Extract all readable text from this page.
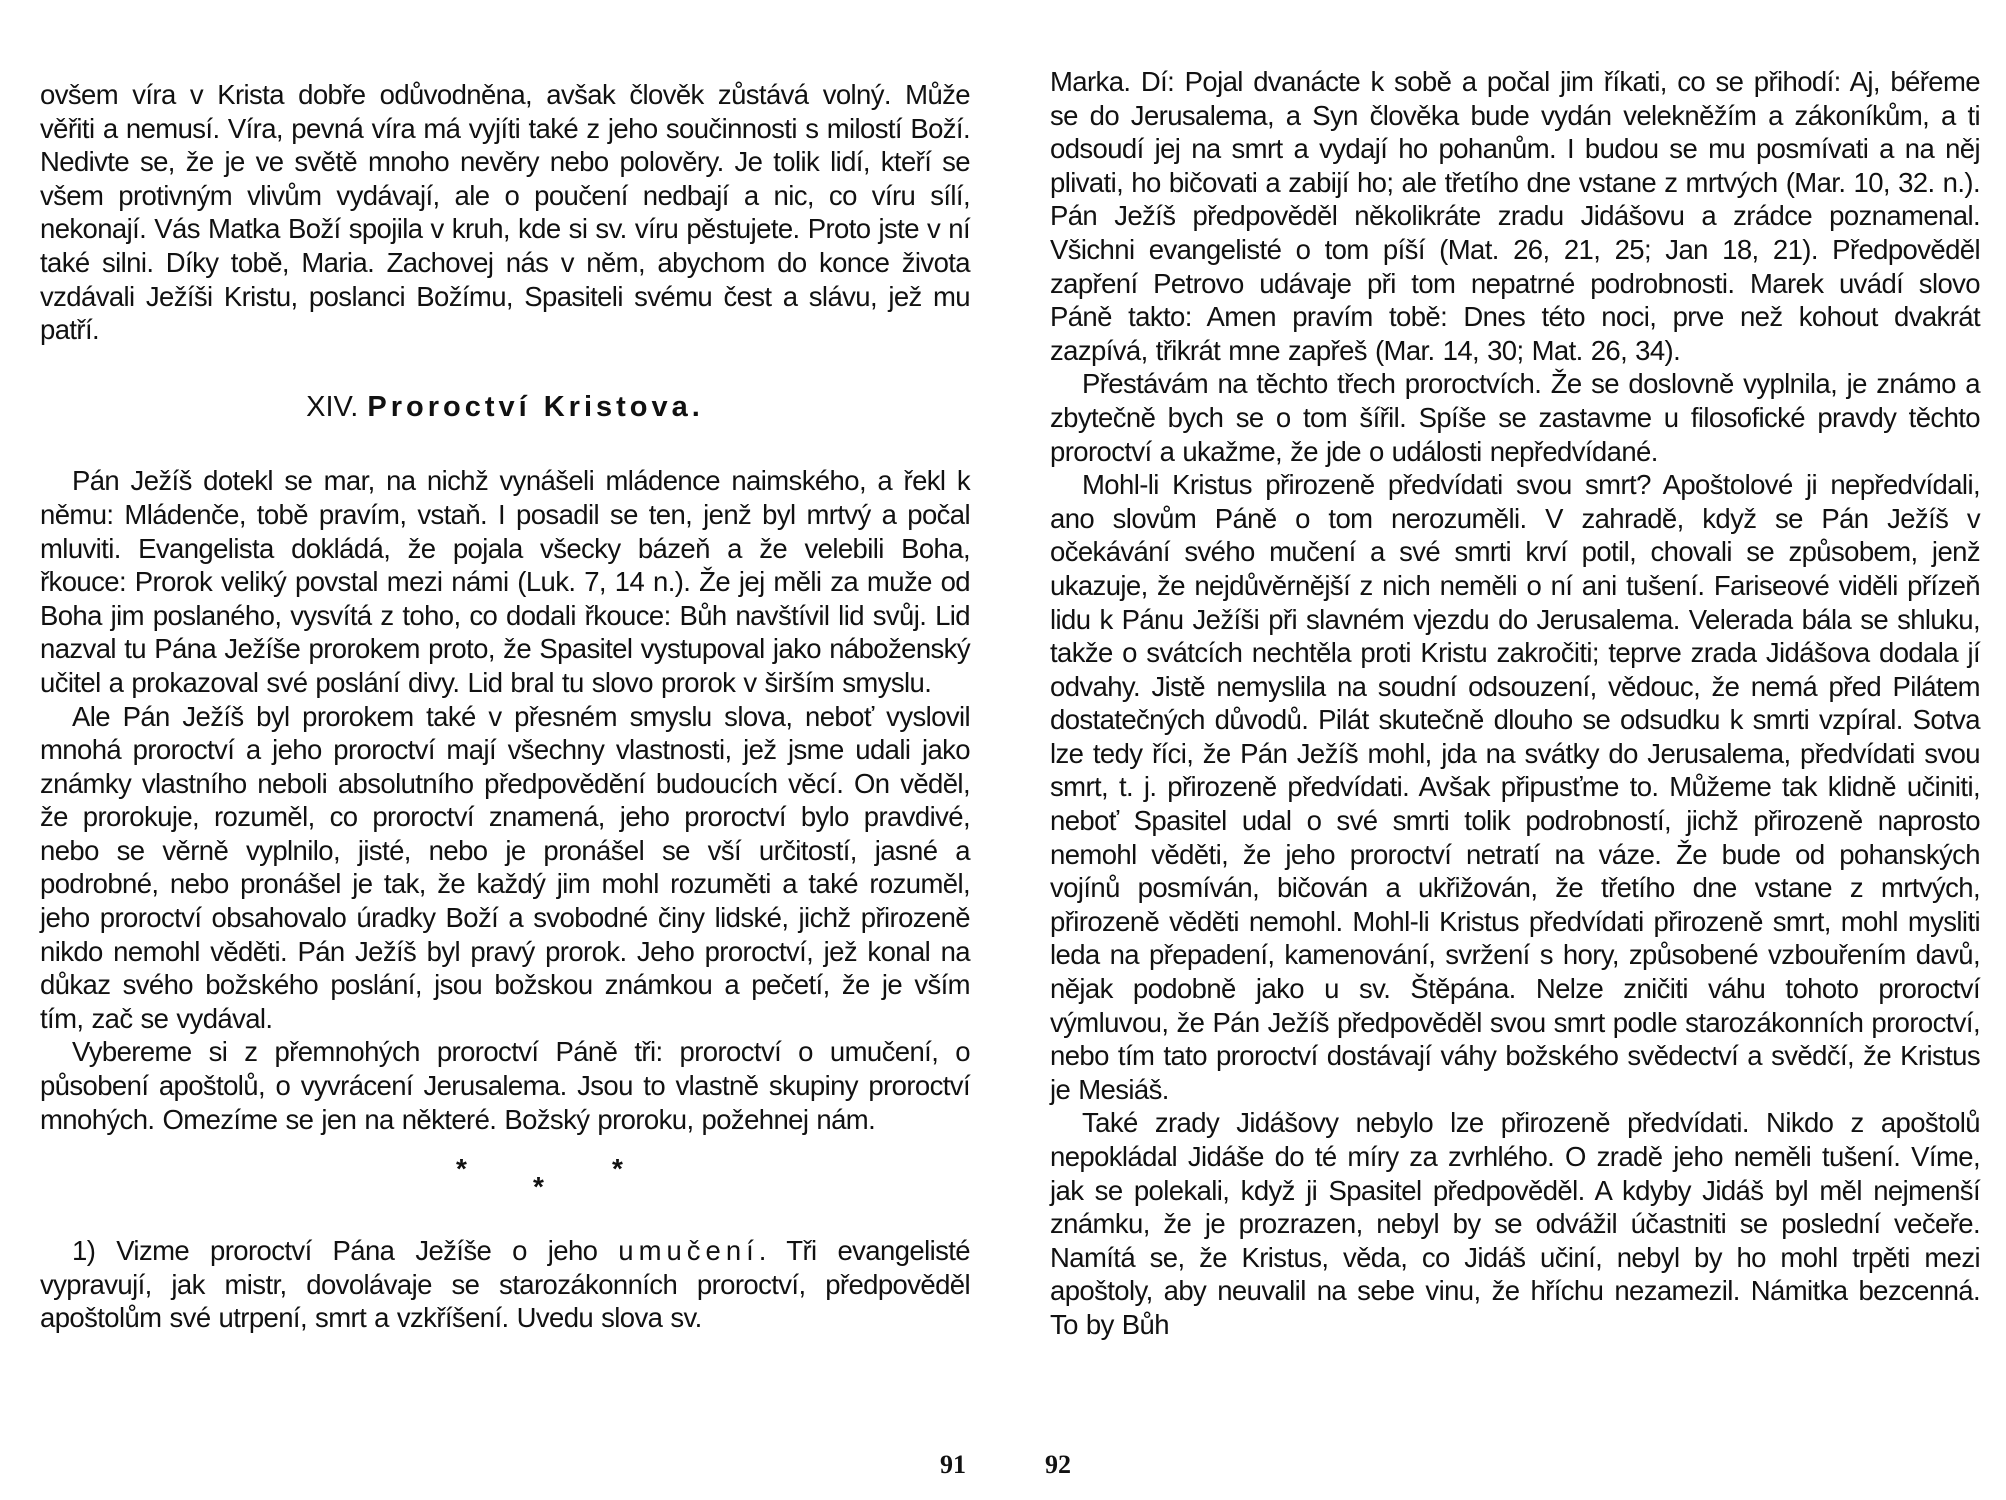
ovšem víra v Krista dobře odůvodněna, avšak člověk zůstává volný. Může věřiti a nemusí. Víra, pevná víra má vyjíti také z jeho součinnosti s milostí Boží. Nedivte se, že je ve světě mnoho nevěry nebo polověry. Je tolik lidí, kteří se všem protivným vlivům vydávají, ale o poučení nedbají a nic, co víru sílí, nekonají. Vás Matka Boží spojila v kruh, kde si sv. víru pěstujete. Proto jste v ní také silni. Díky tobě, Maria. Zachovej nás v něm, abychom do konce života vzdávali Ježíši Kristu, poslanci Božímu, Spasiteli svému čest a slávu, jež mu patří.

XIV. Proroctví Kristova.

Pán Ježíš dotekl se mar, na nichž vynášeli mládence naimského, a řekl k němu: Mládenče, tobě pravím, vstaň. I posadil se ten, jenž byl mrtvý a počal mluviti. Evangelista dokládá, že pojala všecky bázeň a že velebili Boha, řkouce: Prorok veliký povstal mezi námi (Luk. 7, 14 n.). Že jej měli za muže od Boha jim poslaného, vysvítá z toho, co dodali řkouce: Bůh navštívil lid svůj. Lid nazval tu Pána Ježíše prorokem proto, že Spasitel vystupoval jako náboženský učitel a prokazoval své poslání divy. Lid bral tu slovo prorok v širším smyslu.

Ale Pán Ježíš byl prorokem také v přesném smyslu slova, neboť vyslovil mnohá proroctví a jeho proroctví mají všechny vlastnosti, jež jsme udali jako známky vlastního neboli absolutního předpovědění budoucích věcí. On věděl, že prorokuje, rozuměl, co proroctví znamená, jeho proroctví bylo pravdivé, nebo se věrně vyplnilo, jisté, nebo je pronášel se vší určitostí, jasné a podrobné, nebo pronášel je tak, že každý jim mohl rozuměti a také rozuměl, jeho proroctví obsahovalo úradky Boží a svobodné činy lidské, jichž přirozeně nikdo nemohl věděti. Pán Ježíš byl pravý prorok. Jeho proroctví, jež konal na důkaz svého božského poslání, jsou božskou známkou a pečetí, že je vším tím, zač se vydával.

Vybereme si z přemnohých proroctví Páně tři: proroctví o umučení, o působení apoštolů, o vyvrácení Jerusalema. Jsou to vlastně skupiny proroctví mnohých. Omezíme se jen na některé. Božský proroku, požehnej nám.

*
*
*

1) Vizme proroctví Pána Ježíše o jeho umučení. Tři evangelisté vypravují, jak mistr, dovolávaje se starozákonních proroctví, předpověděl apoštolům své utrpení, smrt a vzkříšení. Uvedu slova sv.

91

Marka. Dí: Pojal dvanácte k sobě a počal jim říkati, co se přihodí: Aj, béřeme se do Jerusalema, a Syn člověka bude vydán velekněžím a zákoníkům, a ti odsoudí jej na smrt a vydají ho pohanům. I budou se mu posmívati a na něj plivati, ho bičovati a zabijí ho; ale třetího dne vstane z mrtvých (Mar. 10, 32. n.). Pán Ježíš předpověděl několikráte zradu Jidášovu a zrádce poznamenal. Všichni evangelisté o tom píší (Mat. 26, 21, 25; Jan 18, 21). Předpověděl zapření Petrovo udávaje při tom nepatrné podrobnosti. Marek uvádí slovo Páně takto: Amen pravím tobě: Dnes této noci, prve než kohout dvakrát zazpívá, třikrát mne zapřeš (Mar. 14, 30; Mat. 26, 34).

Přestávám na těchto třech proroctvích. Že se doslovně vyplnila, je známo a zbytečně bych se o tom šířil. Spíše se zastavme u filosofické pravdy těchto proroctví a ukažme, že jde o události nepředvídané.

Mohl-li Kristus přirozeně předvídati svou smrt? Apoštolové ji nepředvídali, ano slovům Páně o tom nerozuměli. V zahradě, když se Pán Ježíš v očekávání svého mučení a své smrti krví potil, chovali se způsobem, jenž ukazuje, že nejdůvěrnější z nich neměli o ní ani tušení. Fariseové viděli přízeň lidu k Pánu Ježíši při slavném vjezdu do Jerusalema. Velerada bála se shluku, takže o svátcích nechtěla proti Kristu zakročiti; teprve zrada Jidášova dodala jí odvahy. Jistě nemyslila na soudní odsouzení, vědouc, že nemá před Pilátem dostatečných důvodů. Pilát skutečně dlouho se odsudku k smrti vzpíral. Sotva lze tedy říci, že Pán Ježíš mohl, jda na svátky do Jerusalema, předvídati svou smrt, t. j. přirozeně předvídati. Avšak připusťme to. Můžeme tak klidně učiniti, neboť Spasitel udal o své smrti tolik podrobností, jichž přirozeně naprosto nemohl věděti, že jeho proroctví netratí na váze. Že bude od pohanských vojínů posmíván, bičován a ukřižován, že třetího dne vstane z mrtvých, přirozeně věděti nemohl. Mohl-li Kristus předvídati přirozeně smrt, mohl mysliti leda na přepadení, kamenování, svržení s hory, způsobené vzbouřením davů, nějak podobně jako u sv. Štěpána. Nelze zničiti váhu tohoto proroctví výmluvou, že Pán Ježíš předpověděl svou smrt podle starozákonních proroctví, nebo tím tato proroctví dostávají váhy božského svědectví a svědčí, že Kristus je Mesiáš.

Také zrady Jidášovy nebylo lze přirozeně předvídati. Nikdo z apoštolů nepokládal Jidáše do té míry za zvrhlého. O zradě jeho neměli tušení. Víme, jak se polekali, když ji Spasitel předpověděl. A kdyby Jidáš byl měl nejmenší známku, že je prozrazen, nebyl by se odvážil účastniti se poslední večeře. Namítá se, že Kristus, věda, co Jidáš učiní, nebyl by ho mohl trpěti mezi apoštoly, aby neuvalil na sebe vinu, že hříchu nezamezil. Námitka bezcenná. To by Bůh

92
